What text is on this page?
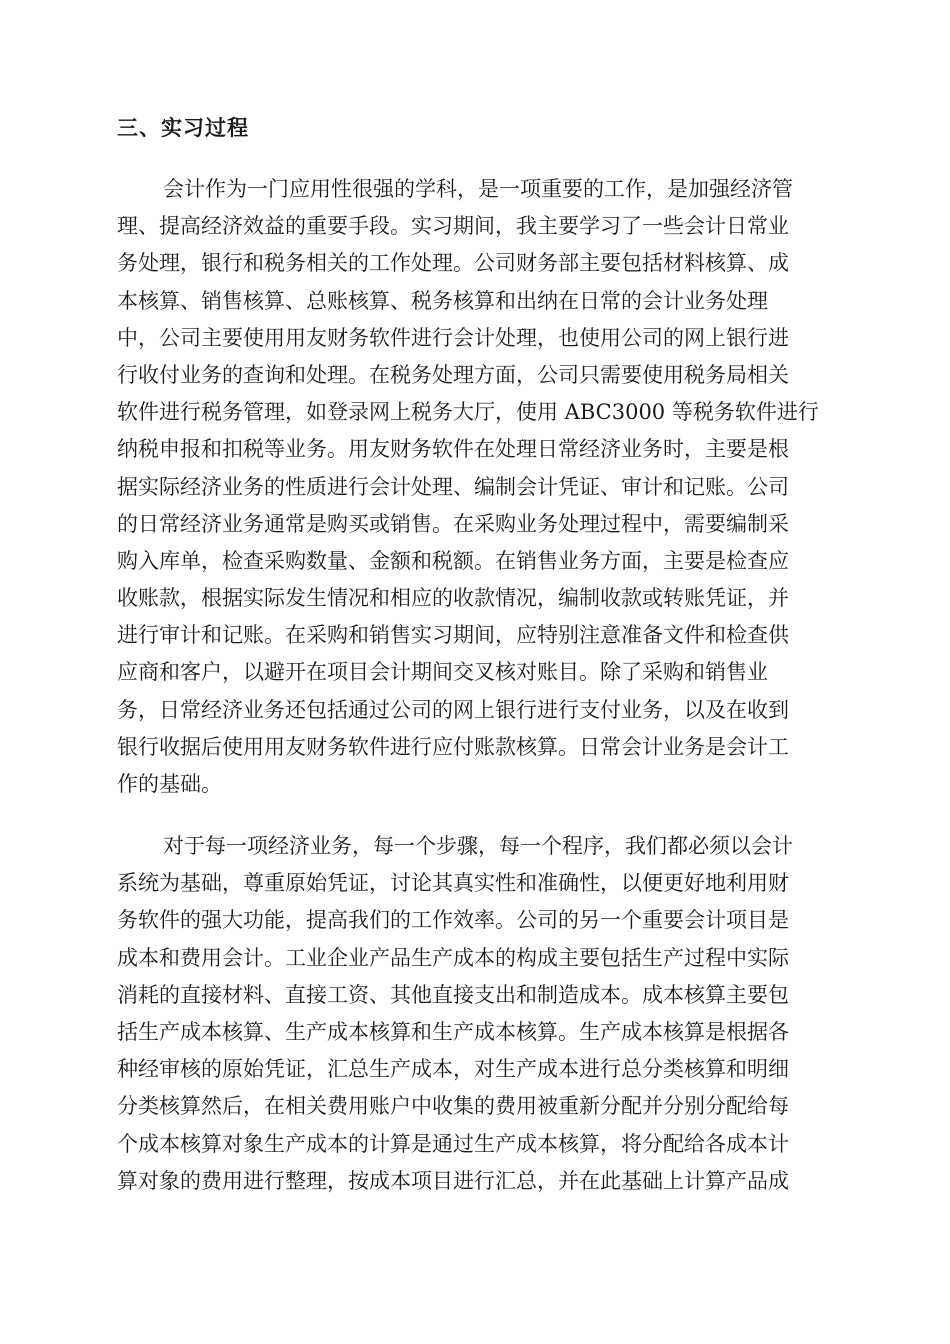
三、实习过程
会计作为一门应用性很强的学科，是一项重要的工作，是加强经济管
理、提高经济效益的重要手段。实习期间，我主要学习了一些会计日常业
务处理，银行和税务相关的工作处理。公司财务部主要包括材料核算、成
本核算、销售核算、总账核算、税务核算和出纳在日常的会计业务处理
中，公司主要使用用友财务软件进行会计处理，也使用公司的网上银行进
行收付业务的查询和处理。在税务处理方面，公司只需要使用税务局相关
软件进行税务管理，如登录网上税务大厅，使用 ABC3000 等税务软件进行
纳税申报和扣税等业务。用友财务软件在处理日常经济业务时，主要是根
据实际经济业务的性质进行会计处理、编制会计凭证、审计和记账。公司
的日常经济业务通常是购买或销售。在采购业务处理过程中，需要编制采
购入库单，检查采购数量、金额和税额。在销售业务方面，主要是检查应
收账款，根据实际发生情况和相应的收款情况，编制收款或转账凭证，并
进行审计和记账。在采购和销售实习期间，应特别注意准备文件和检查供
应商和客户，以避开在项目会计期间交叉核对账目。除了采购和销售业
务，日常经济业务还包括通过公司的网上银行进行支付业务，以及在收到
银行收据后使用用友财务软件进行应付账款核算。日常会计业务是会计工
作的基础。
对于每一项经济业务，每一个步骤，每一个程序，我们都必须以会计
系统为基础，尊重原始凭证，讨论其真实性和准确性，以便更好地利用财
务软件的强大功能，提高我们的工作效率。公司的另一个重要会计项目是
成本和费用会计。工业企业产品生产成本的构成主要包括生产过程中实际
消耗的直接材料、直接工资、其他直接支出和制造成本。成本核算主要包
括生产成本核算、生产成本核算和生产成本核算。生产成本核算是根据各
种经审核的原始凭证，汇总生产成本，对生产成本进行总分类核算和明细
分类核算然后，在相关费用账户中收集的费用被重新分配并分别分配给每
个成本核算对象生产成本的计算是通过生产成本核算，将分配给各成本计
算对象的费用进行整理，按成本项目进行汇总，并在此基础上计算产品成
